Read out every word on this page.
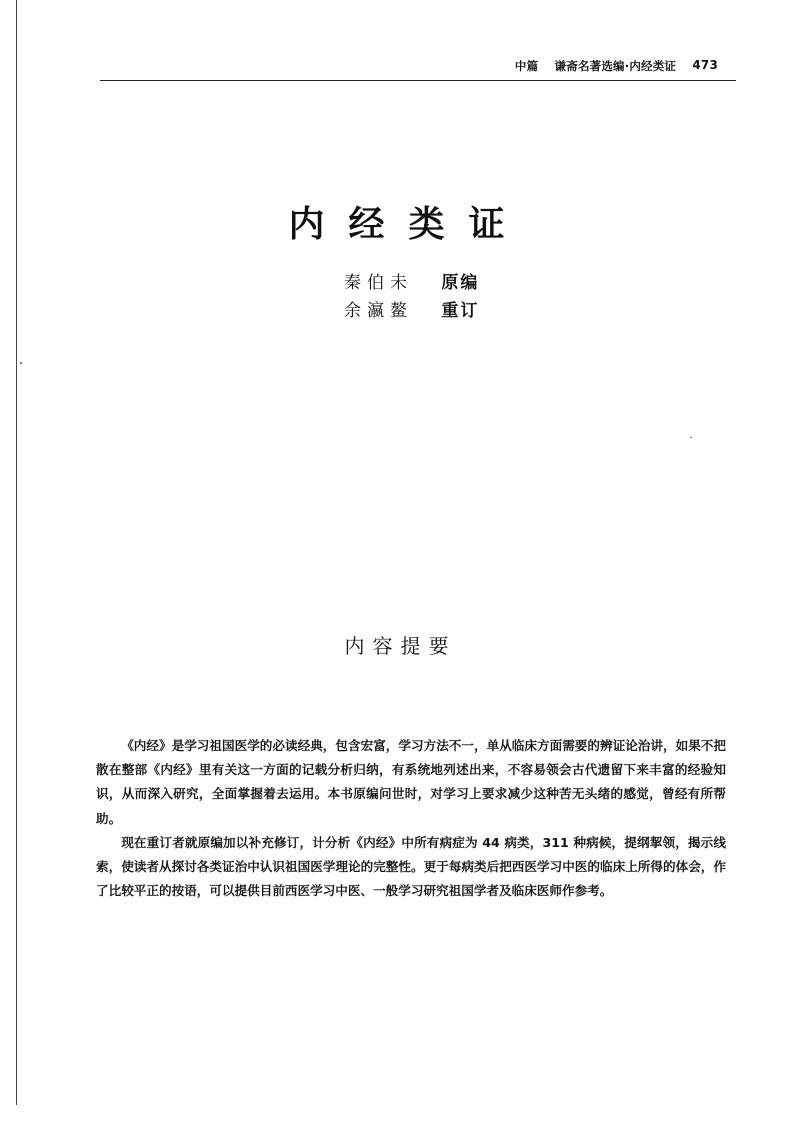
中篇 谦斋名著选编·内经类证 473
内经类证
秦伯未 原编
余瀛鳌 重订
内容提要

《内经》是学习祖国医学的必读经典，包含宏富，学习方法不一，单从临床方面需要的辨证论治讲，如果不把散在整部《内经》里有关这一方面的记载分析归纳，有系统地列述出来，不容易领会古代遗留下来丰富的经验知识，从而深入研究，全面掌握着去运用。本书原编问世时，对学习上要求减少这种苦无头绪的感觉，曾经有所帮助。

现在重订者就原编加以补充修订，计分析《内经》中所有病症为 44 病类，311 种病候，提纲挈领，揭示线索，使读者从探讨各类证治中认识祖国医学理论的完整性。更于每病类后把西医学习中医的临床上所得的体会，作了比较平正的按语，可以提供目前西医学习中医、一般学习研究祖国学者及临床医师作参考。
